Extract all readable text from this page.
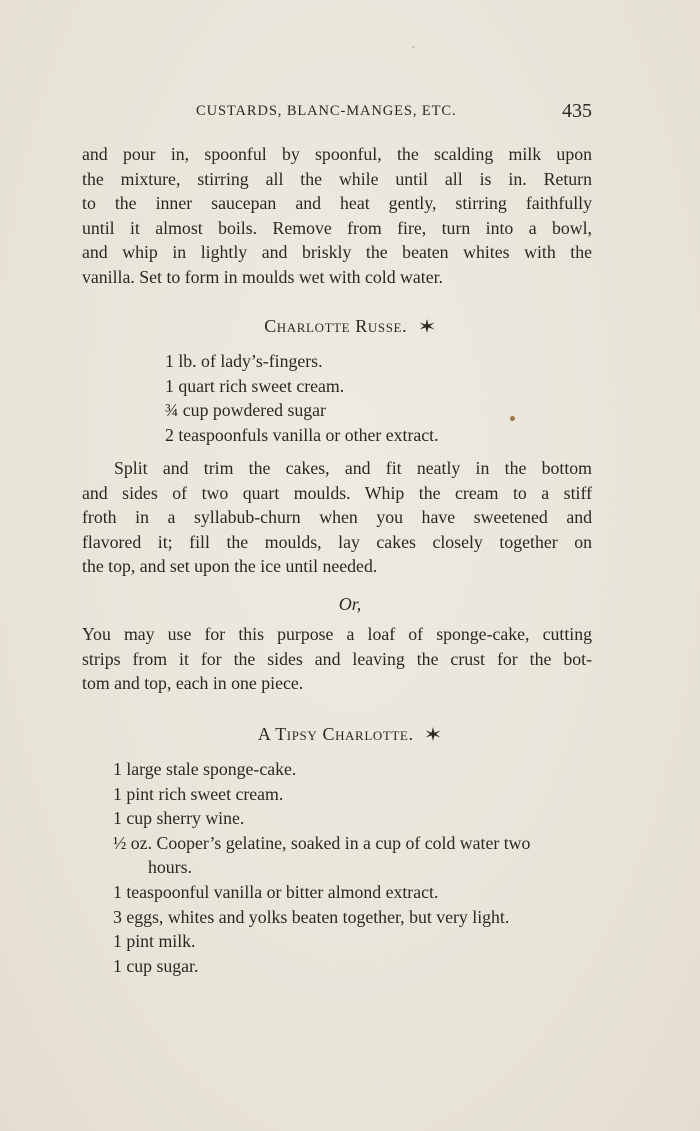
CUSTARDS, BLANC-MANGES, ETC.	435
and pour in, spoonful by spoonful, the scalding milk upon
the mixture, stirring all the while until all is in. Return
to the inner saucepan and heat gently, stirring faithfully
until it almost boils. Remove from fire, turn into a bowl,
and whip in lightly and briskly the beaten whites with the
vanilla. Set to form in moulds wet with cold water.
Charlotte Russe.
1 lb. of lady’s-fingers.
1 quart rich sweet cream.
¾ cup powdered sugar
2 teaspoonfuls vanilla or other extract.
Split and trim the cakes, and fit neatly in the bottom
and sides of two quart moulds. Whip the cream to a stiff
froth in a syllabub-churn when you have sweetened and
flavored it; fill the moulds, lay cakes closely together on
the top, and set upon the ice until needed.
Or,
You may use for this purpose a loaf of sponge-cake, cutting
strips from it for the sides and leaving the crust for the bot-
tom and top, each in one piece.
A Tipsy Charlotte.
1 large stale sponge-cake.
1 pint rich sweet cream.
1 cup sherry wine.
½ oz. Cooper’s gelatine, soaked in a cup of cold water two
hours.
1 teaspoonful vanilla or bitter almond extract.
3 eggs, whites and yolks beaten together, but very light.
1 pint milk.
1 cup sugar.
